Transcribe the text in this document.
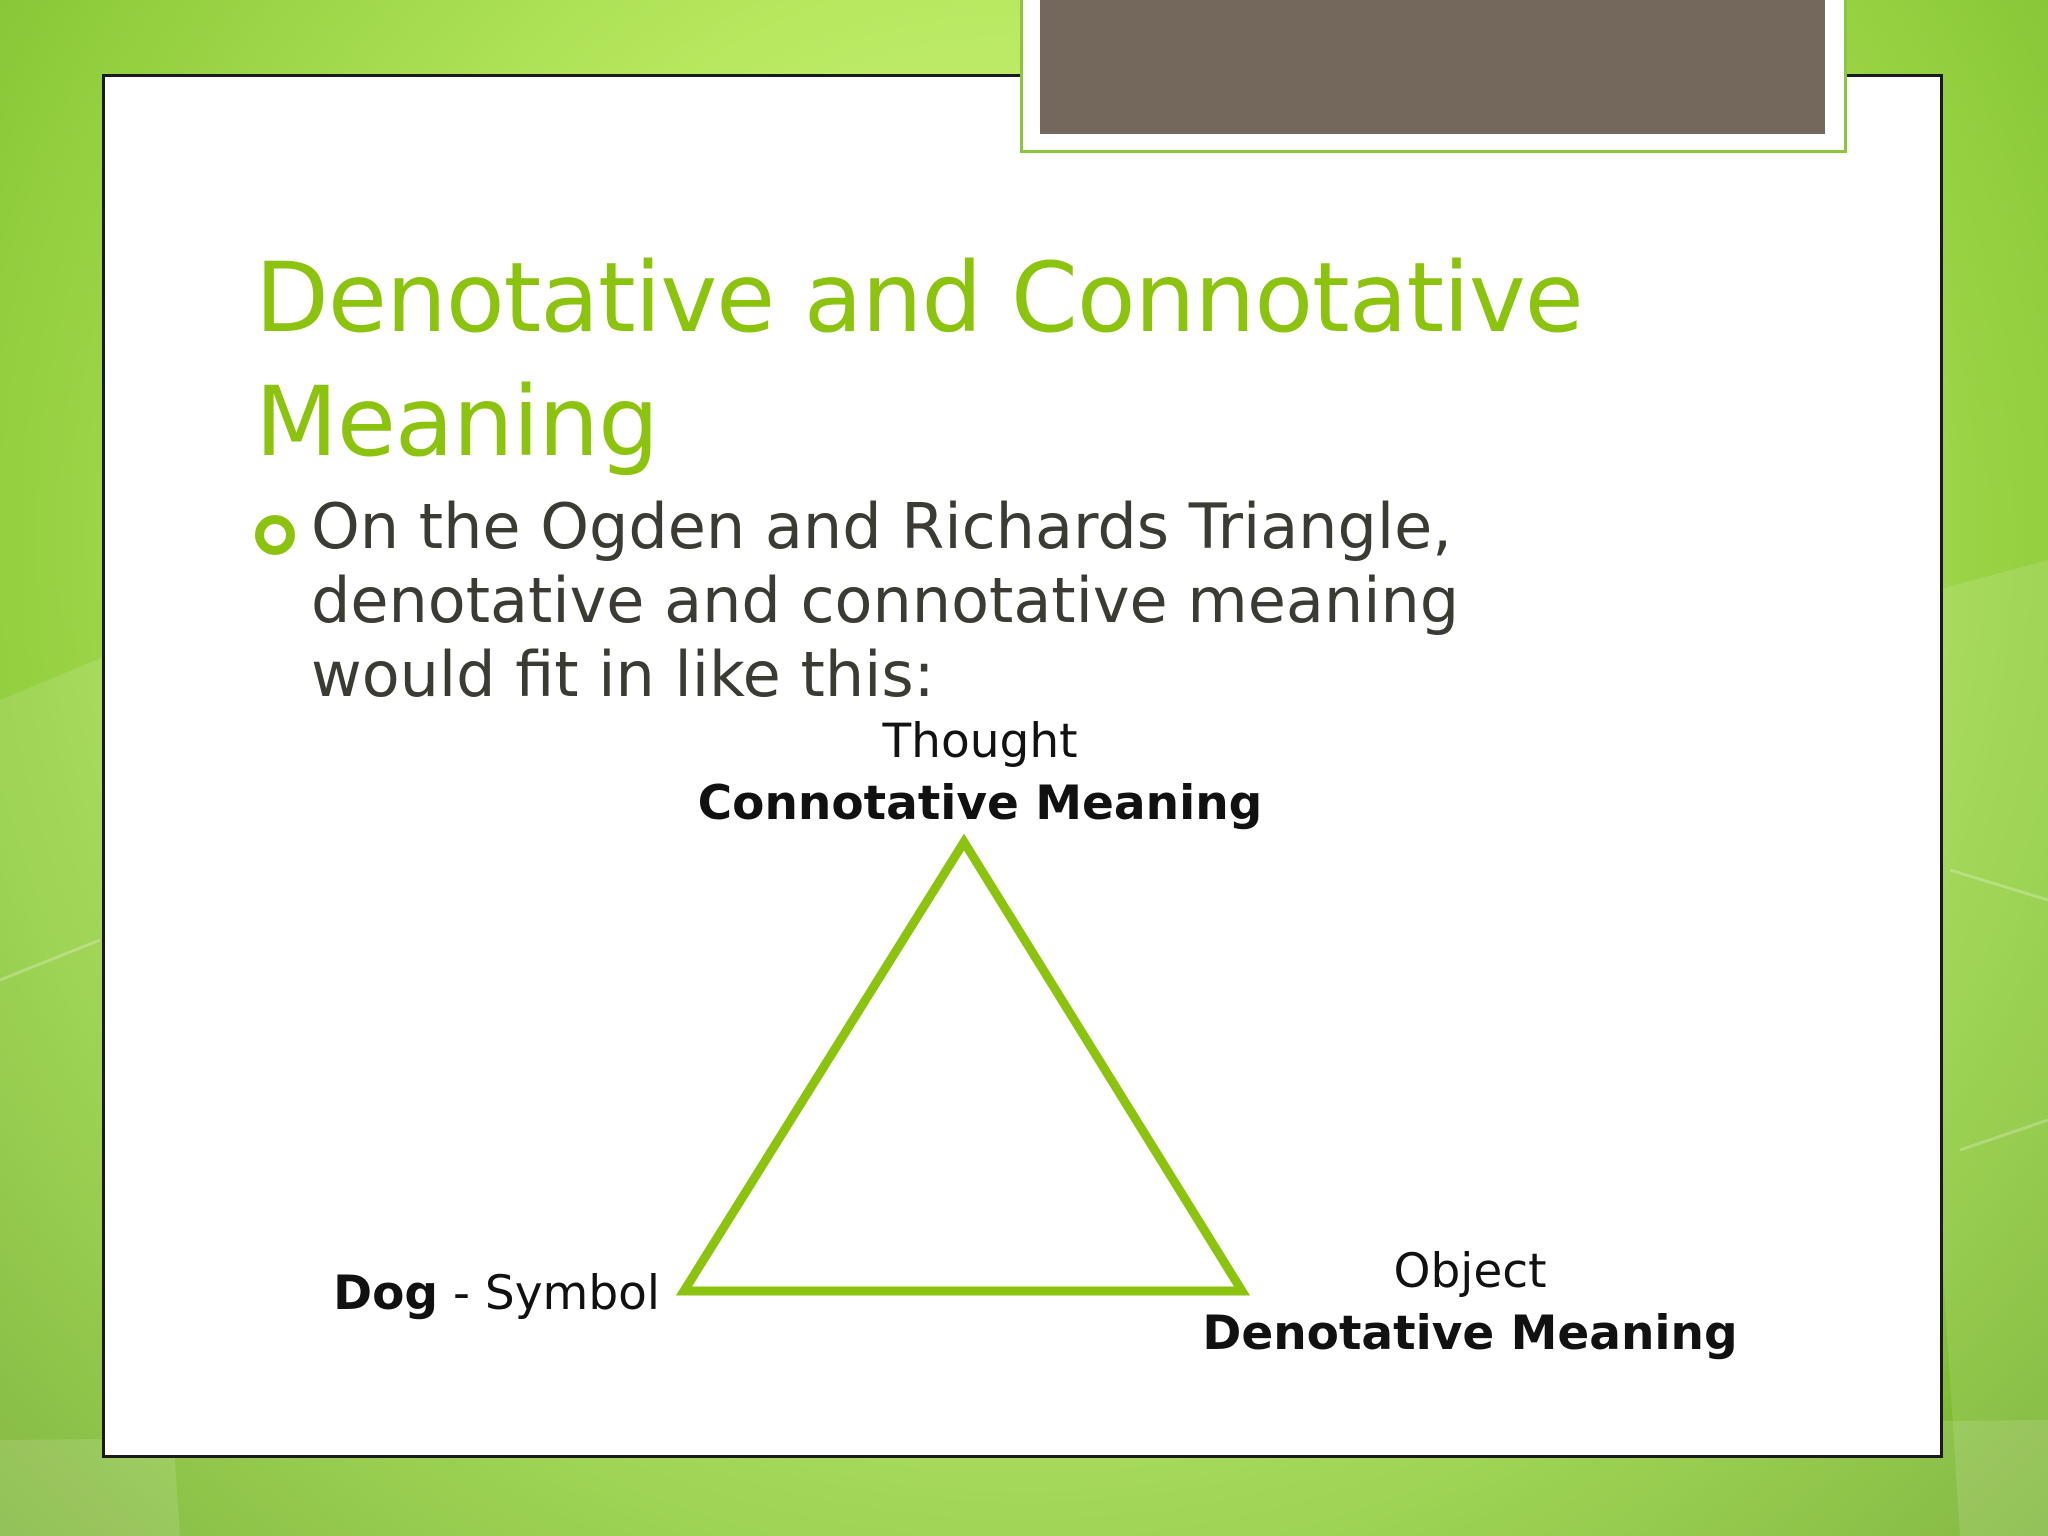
Denotative and Connotative Meaning

On the Ogden and Richards Triangle, denotative and connotative meaning would fit in like this:

Thought
Connotative Meaning
Dog - Symbol	Object
Denotative Meaning
